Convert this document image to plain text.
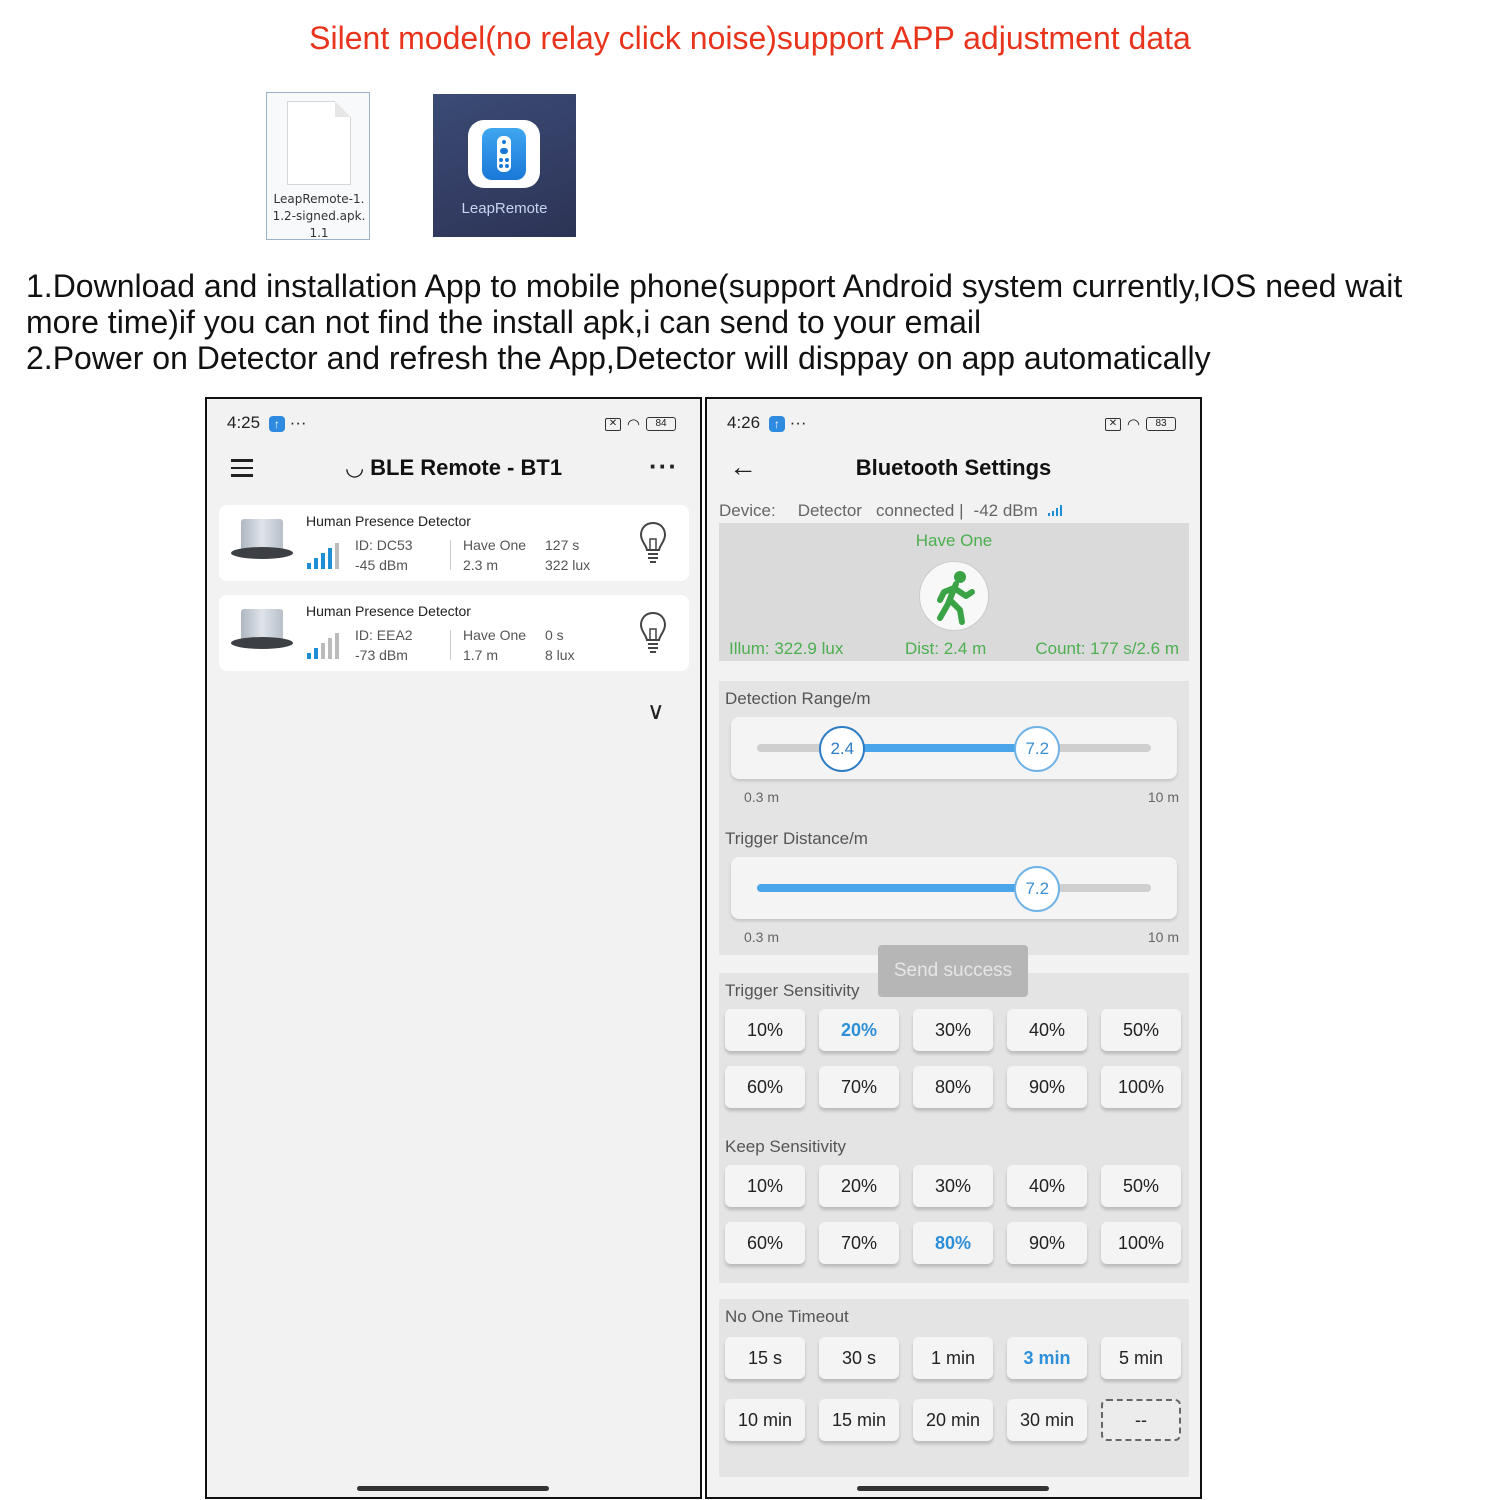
Silent model(no relay click noise)support APP adjustment data
LeapRemote-1.
1.2-signed.apk.
1.1
LeapRemote
1.Download and installation App to mobile phone(support Android system currently,IOS need wait
more time)if you can not find the install apk,i can send to your email
2.Power on Detector and refresh the App,Detector will disppay on app automatically
4:25 ↑ ···	✕ ◠	84
◡ BLE Remote - BT1	···
Human Presence Detector
ID: DC53
-45 dBm
Have One
2.3 m
127 s
322 lux
Human Presence Detector
ID: EEA2
-73 dBm
Have One
1.7 m
0 s
8 lux
∨
4:26 ↑ ···	✕ ◠	83
←	Bluetooth Settings
Device: Detector connected | -42 dBm
Have One
Illum: 322.9 lux	Dist: 2.4 m	Count: 177 s/2.6 m
Detection Range/m
2.4	7.2
0.3 m	10 m
Trigger Distance/m
7.2
0.3 m	10 m
Trigger Sensitivity
10%	20%	30%	40%	50%
60%	70%	80%	90%	100%
Keep Sensitivity
10%	20%	30%	40%	50%
60%	70%	80%	90%	100%
Send success
No One Timeout
15 s	30 s	1 min	3 min	5 min
10 min	15 min	20 min	30 min	--
